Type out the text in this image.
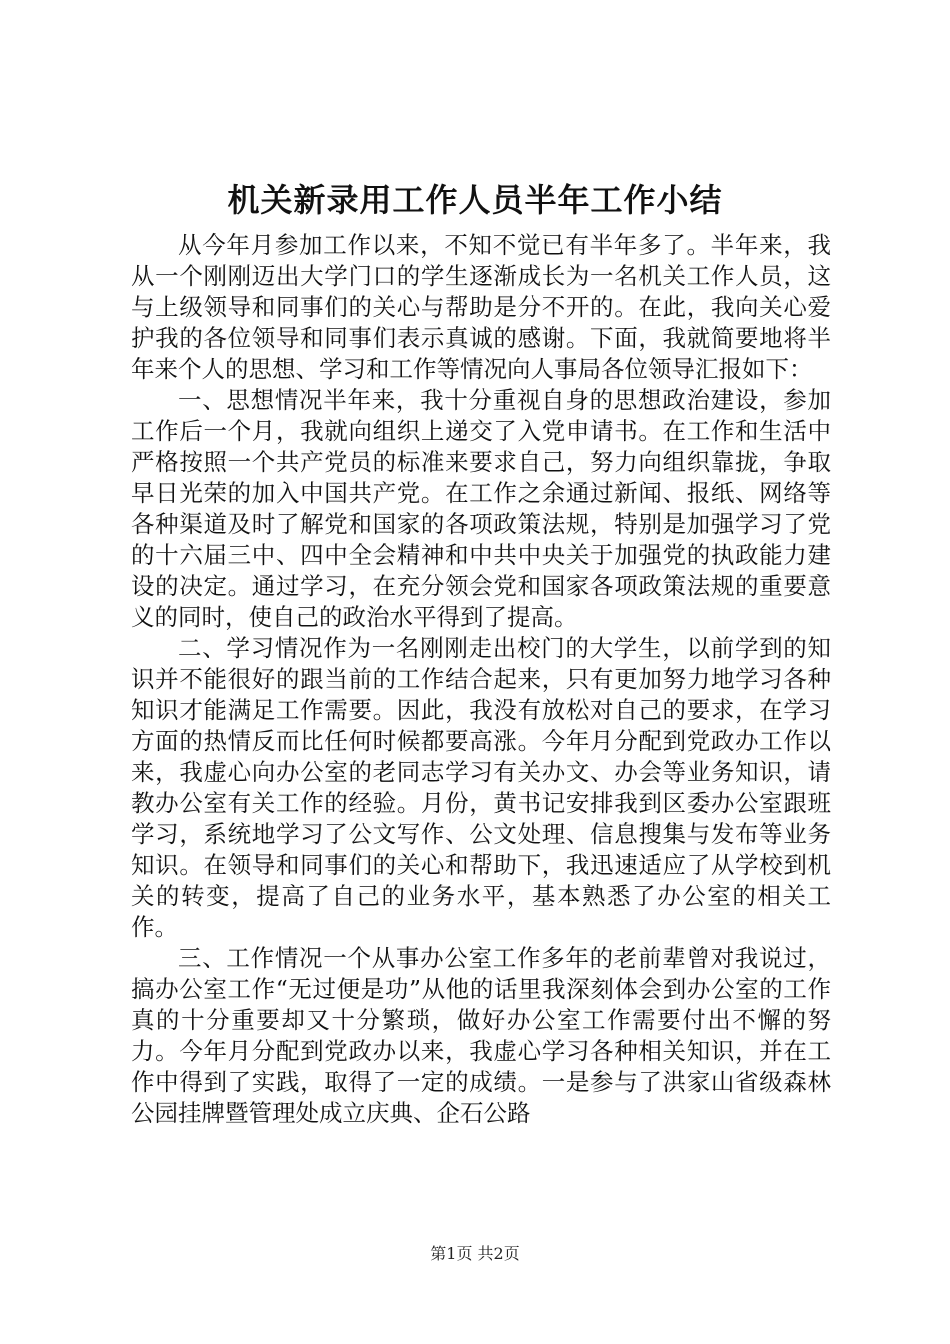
机关新录用工作人员半年工作小结

从今年月参加工作以来，不知不觉已有半年多了。半年来，我从一个刚刚迈出大学门口的学生逐渐成长为一名机关工作人员，这与上级领导和同事们的关心与帮助是分不开的。在此，我向关心爱护我的各位领导和同事们表示真诚的感谢。下面，我就简要地将半年来个人的思想、学习和工作等情况向人事局各位领导汇报如下：

一、思想情况半年来，我十分重视自身的思想政治建设，参加工作后一个月，我就向组织上递交了入党申请书。在工作和生活中严格按照一个共产党员的标准来要求自己，努力向组织靠拢，争取早日光荣的加入中国共产党。在工作之余通过新闻、报纸、网络等各种渠道及时了解党和国家的各项政策法规，特别是加强学习了党的十六届三中、四中全会精神和中共中央关于加强党的执政能力建设的决定。通过学习，在充分领会党和国家各项政策法规的重要意义的同时，使自己的政治水平得到了提高。

二、学习情况作为一名刚刚走出校门的大学生，以前学到的知识并不能很好的跟当前的工作结合起来，只有更加努力地学习各种知识才能满足工作需要。因此，我没有放松对自己的要求，在学习方面的热情反而比任何时候都要高涨。今年月分配到党政办工作以来，我虚心向办公室的老同志学习有关办文、办会等业务知识，请教办公室有关工作的经验。月份，黄书记安排我到区委办公室跟班学习，系统地学习了公文写作、公文处理、信息搜集与发布等业务知识。在领导和同事们的关心和帮助下，我迅速适应了从学校到机关的转变，提高了自己的业务水平，基本熟悉了办公室的相关工作。

三、工作情况一个从事办公室工作多年的老前辈曾对我说过，搞办公室工作“无过便是功”从他的话里我深刻体会到办公室的工作真的十分重要却又十分繁琐，做好办公室工作需要付出不懈的努力。今年月分配到党政办以来，我虚心学习各种相关知识，并在工作中得到了实践，取得了一定的成绩。一是参与了洪家山省级森林公园挂牌暨管理处成立庆典、企石公路

第1页 共2页
